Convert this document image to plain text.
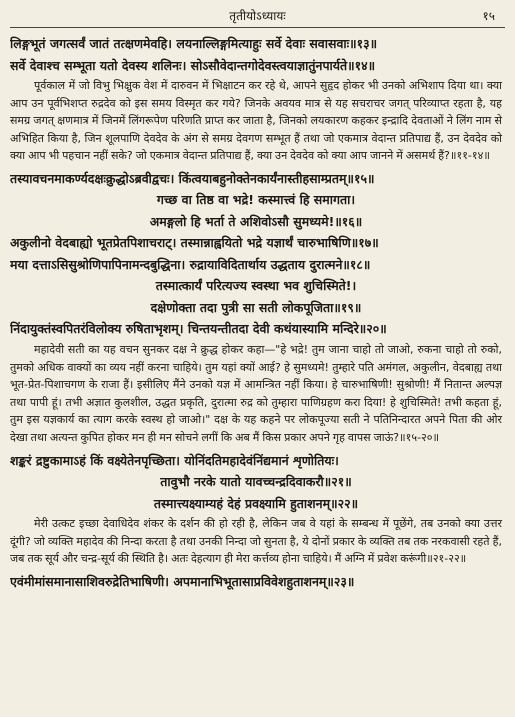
तृतीयोऽध्यायः	१५
लिङ्गभूतं जगत्सर्वं जातं तत्क्षणमेवहि। लयनाल्लिङ्गमित्याहुः सर्वे देवाः सवासवाः॥१३॥
सर्वे देवाश्च सम्भूता यतो देवस्य शलिनः। सोऽसौवेदान्तगोदेवस्त्वयाज्ञातुंनपार्यते॥१४॥
पूर्वकाल में जो विभु भिक्षुक वेश में दारुवन में भिक्षाटन कर रहे थे, आपने सुहृद होकर भी उनको अभिशाप दिया था। क्या आप उन पूर्वभिशप्त रुद्रदेव को इस समय विस्मृत कर गये? जिनके अवयव मात्र से यह सचराचर जगत् परिव्याप्त रहता है, यह समग्र जगत् क्षणमात्र में जिनमें लिंगरूपेण परिणति प्राप्त कर जाता है, जिनको लयकारण कहकर इन्द्रादि देवताओं ने लिंग नाम से अभिहित किया है, जिन शूलपाणि देवदेव के अंग से समग्र देवगण सम्भूत हैं तथा जो एकमात्र वेदान्त प्रतिपाद्य हैं, उन देवदेव को क्या आप भी पहचान नहीं सके? जो एकमात्र वेदान्त प्रतिपाद्य हैं, क्या उन देवदेव को क्या आप जानने में असमर्थ हैं?॥११-१४॥
तस्यावचनमाकर्ण्यदक्षःक्रुद्धोऽब्रवीद्वचः। किंत्वयाबहुनोक्तेनकार्यंनास्तीहसाम्प्रतम्॥१५॥
गच्छ वा तिष्ठ वा भद्रे! कस्मात्त्वं हि समागता।
अमङ्गलो हि भर्ता ते अशिवोऽसौ सुमध्यमे!॥१६॥
अकुलीनो वेदबाह्यो भूतप्रेतपिशाचराट्। तस्मान्नाह्वयितो भद्रे यज्ञार्थं चारुभाषिणि॥१७॥
मया दत्ताऽसिसुश्रोणिपापिनामन्दबुद्धिना। रुद्रायाविदितार्थाय उद्धताय दुरात्मने॥१८॥
तस्मात्कार्यं परित्यज्य स्वस्था भव शुचिस्मिते!।
दक्षेणोक्ता तदा पुत्री सा सती लोकपूजिता॥१९॥
निंदायुक्तंस्वपितरंविलोक्य रुषिताभृशम्। चिन्तयन्तीतदा देवी कथंयास्यामि मन्दिरे॥२०॥
महादेवी सती का यह वचन सुनकर दक्ष ने क्रुद्ध होकर कहा—"हे भद्रे! तुम जाना चाहो तो जाओ, रुकना चाहो तो रुको, तुमको अधिक वाक्यों का व्यय नहीं करना चाहिये। तुम यहां क्यों आई? हे सुमध्यमे! तुम्हारे पति अमंगल, अकुलीन, वेदबाह्य तथा भूत-प्रेत-पिशाचगण के राजा हैं। इसीलिए मैंने उनको यज्ञ में आमन्त्रित नहीं किया। हे चारुभाषिणी! सुश्रोणी! मैं नितान्त अल्पज्ञ तथा पापी हूं। तभी अज्ञात कुलशील, उद्धत प्रकृति, दुरात्मा रुद्र को तुम्हारा पाणिग्रहण करा दिया! हे शुचिस्मिते! तभी कहता हूं, तुम इस यज्ञकार्य का त्याग करके स्वस्थ हो जाओ।" दक्ष के यह कहने पर लोकपूज्या सती ने पतिनिन्दारत अपने पिता की ओर देखा तथा अत्यन्त कुपित होकर मन ही मन सोचने लगीं कि अब मैं किस प्रकार अपने गृह वापस जाऊं?॥१५-२०॥
शङ्करं द्रष्टुकामाऽहं किं वक्ष्येतेनपृच्छिता। योनिंदतिमहादेवंनिंद्यमानं शृणोतियः।
तावुभौ नरके यातो यावच्चन्द्रदिवाकरौ॥२१॥
तस्मात्त्यक्ष्याम्यहं देहं प्रवक्ष्यामि हुताशनम्॥२२॥
मेरी उत्कट इच्छा देवाधिदेव शंकर के दर्शन की हो रही है, लेकिन जब वे यहां के सम्बन्ध में पूछेंगे, तब उनको क्या उत्तर दूंगी? जो व्यक्ति महादेव की निन्दा करता है तथा उनकी निन्दा जो सुनता है, ये दोनों प्रकार के व्यक्ति तब तक नरकवासी रहते हैं, जब तक सूर्य और चन्द्र-सूर्य की स्थिति है। अतः देहत्याग ही मेरा कर्त्तव्य होना चाहिये। मैं अग्नि में प्रवेश करूंगी॥२१-२२॥
एवंमीमांसमानासाशिवरुद्रेतिभाषिणी। अपमानाभिभूतासाप्रविवेशहुताशनम्॥२३॥
